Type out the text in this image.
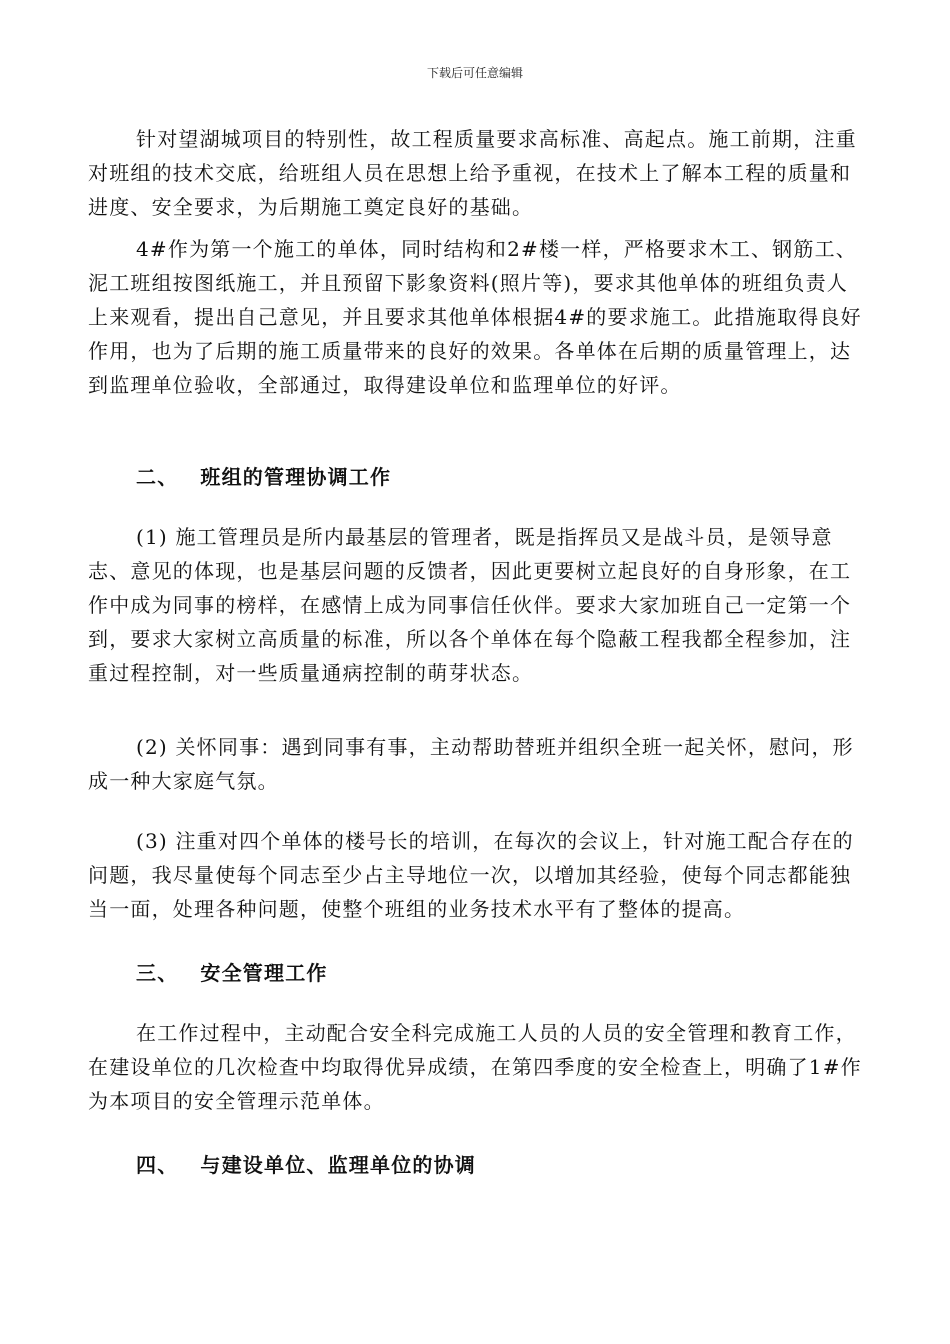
下载后可任意编辑

针对望湖城项目的特别性，故工程质量要求高标准、高起点。施工前期，注重对班组的技术交底，给班组人员在思想上给予重视，在技术上了解本工程的质量和进度、安全要求，为后期施工奠定良好的基础。

4#作为第一个施工的单体，同时结构和2#楼一样，严格要求木工、钢筋工、泥工班组按图纸施工，并且预留下影象资料(照片等)，要求其他单体的班组负责人上来观看，提出自己意见，并且要求其他单体根据4#的要求施工。此措施取得良好作用，也为了后期的施工质量带来的良好的效果。各单体在后期的质量管理上，达到监理单位验收，全部通过，取得建设单位和监理单位的好评。

二、 班组的管理协调工作

(1) 施工管理员是所内最基层的管理者，既是指挥员又是战斗员，是领导意志、意见的体现，也是基层问题的反馈者，因此更要树立起良好的自身形象，在工作中成为同事的榜样，在感情上成为同事信任伙伴。要求大家加班自己一定第一个到，要求大家树立高质量的标准，所以各个单体在每个隐蔽工程我都全程参加，注重过程控制，对一些质量通病控制的萌芽状态。

(2) 关怀同事：遇到同事有事，主动帮助替班并组织全班一起关怀，慰问，形成一种大家庭气氛。

(3) 注重对四个单体的楼号长的培训，在每次的会议上，针对施工配合存在的问题，我尽量使每个同志至少占主导地位一次，以增加其经验，使每个同志都能独当一面，处理各种问题，使整个班组的业务技术水平有了整体的提高。

三、 安全管理工作

在工作过程中，主动配合安全科完成施工人员的人员的安全管理和教育工作，在建设单位的几次检查中均取得优异成绩，在第四季度的安全检查上，明确了1#作为本项目的安全管理示范单体。

四、 与建设单位、监理单位的协调
